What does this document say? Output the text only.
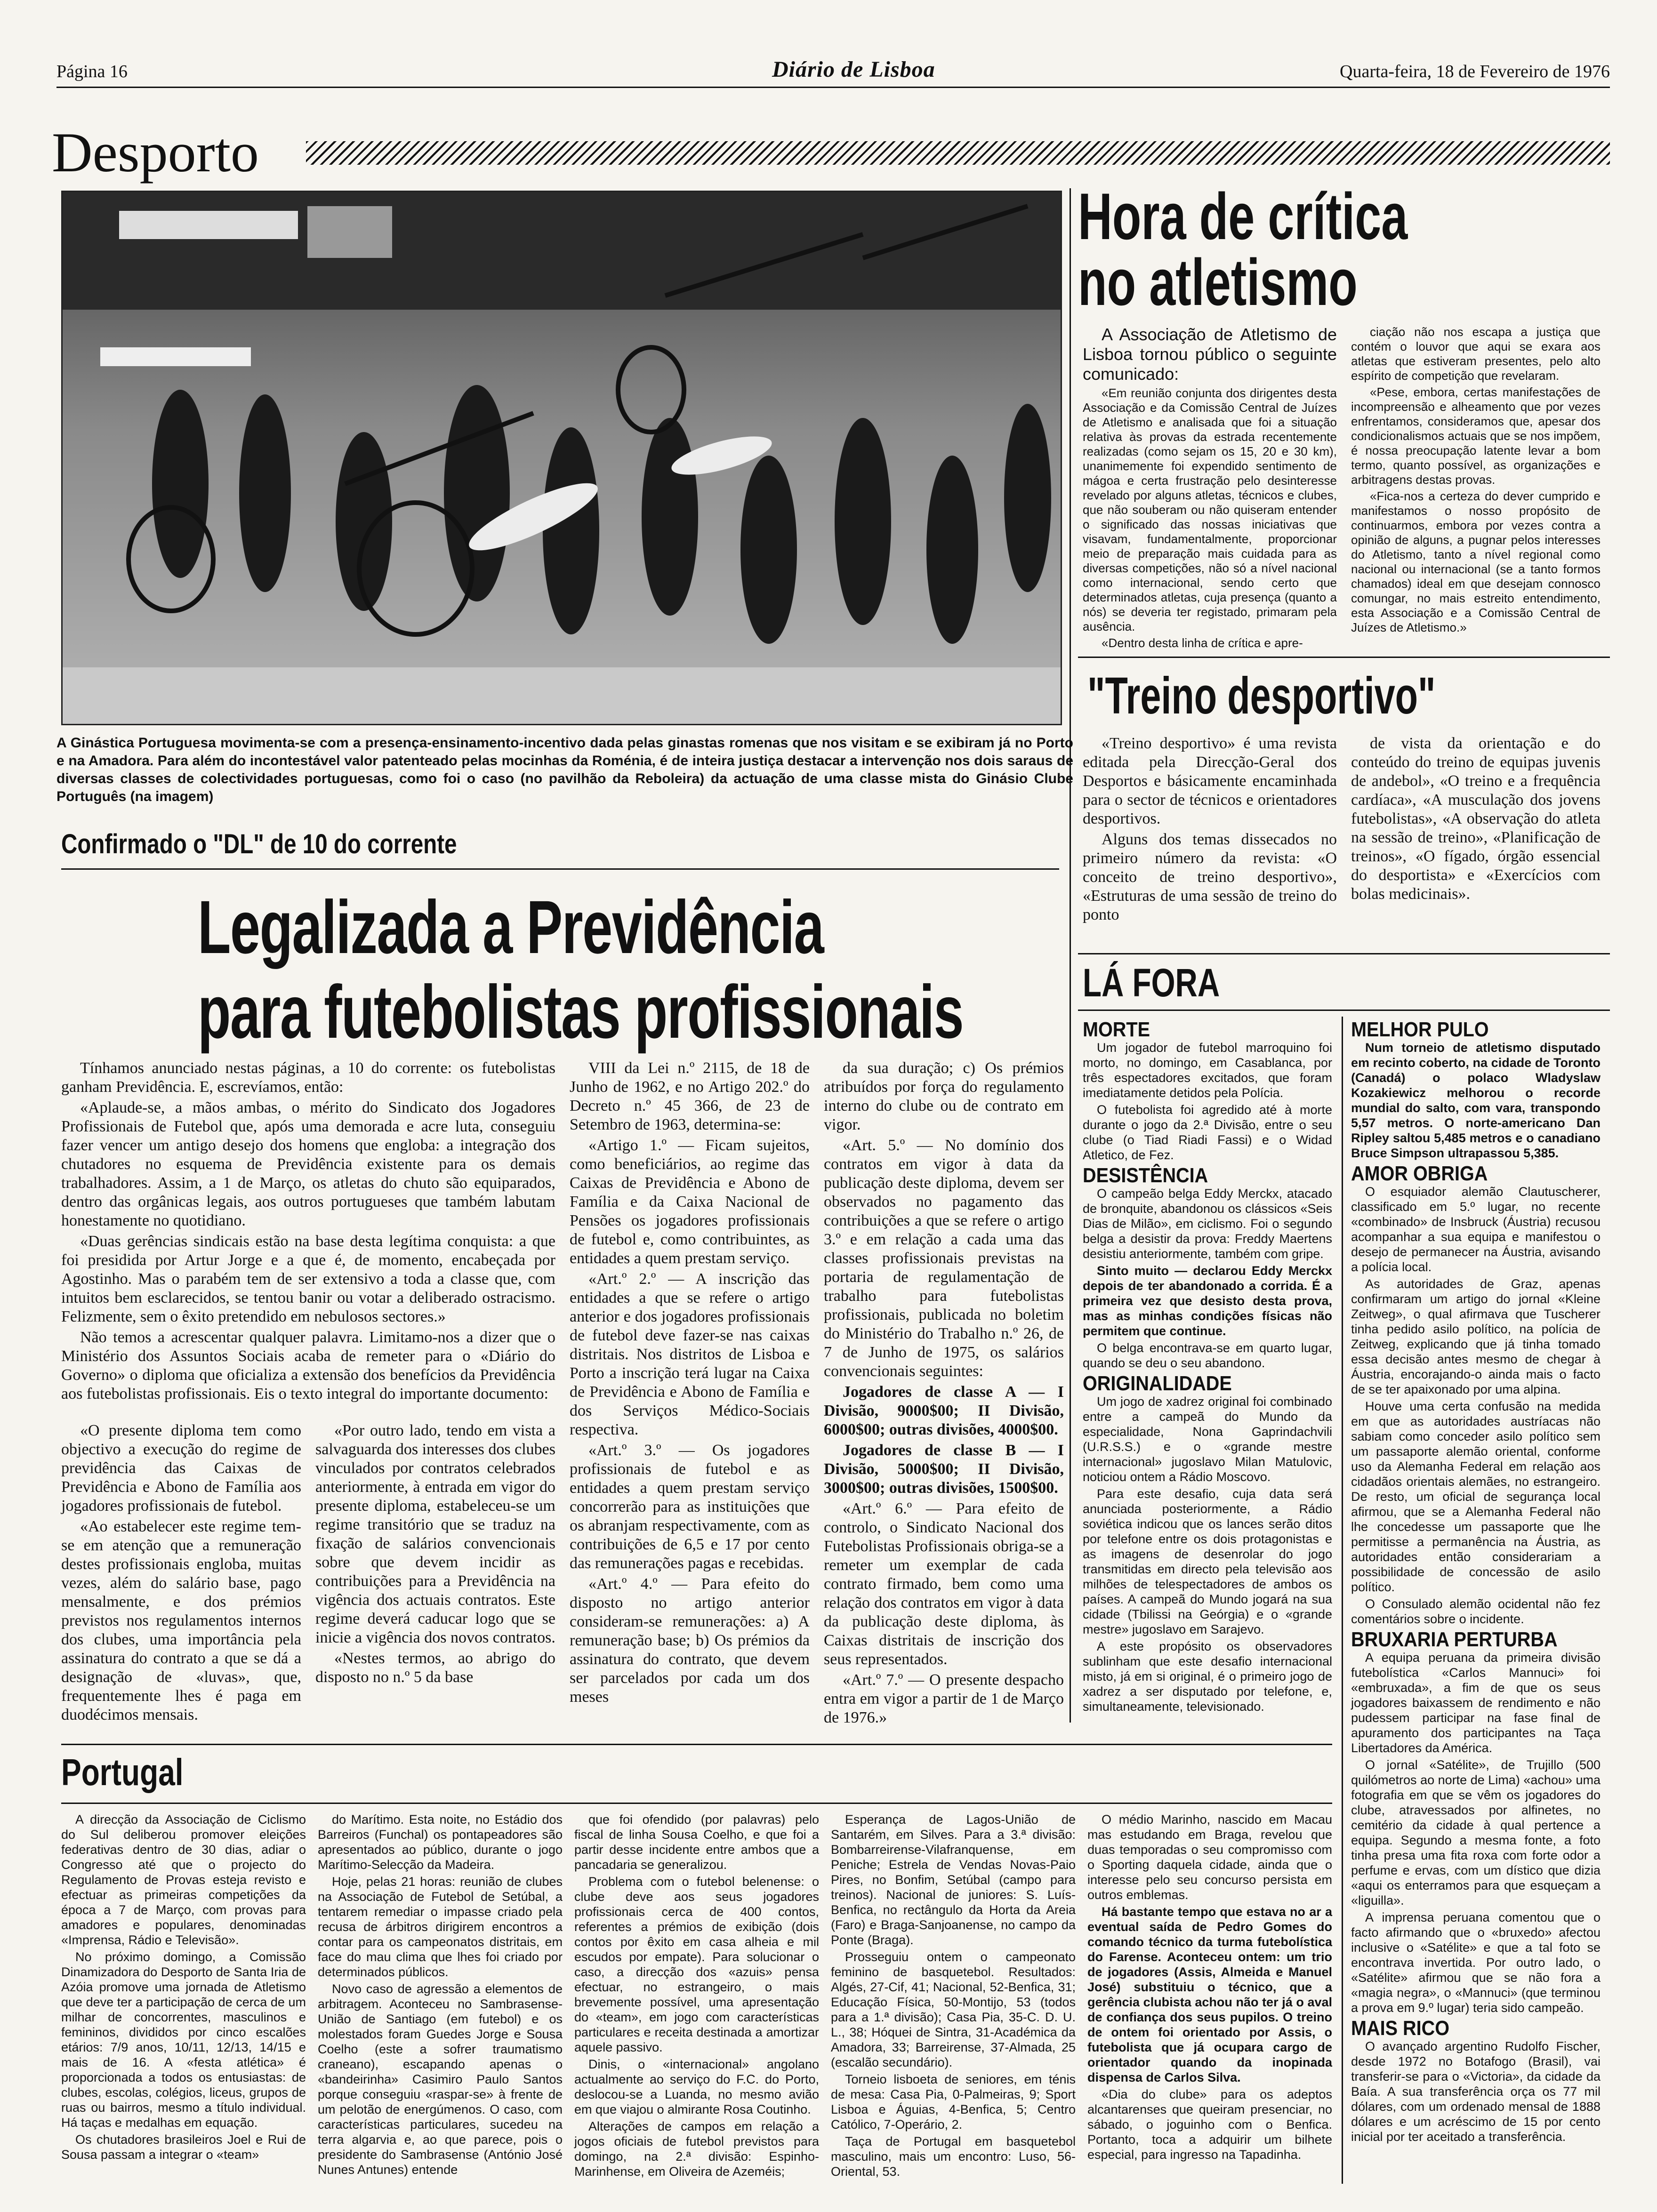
Página 16	Diário de Lisboa	Quarta-feira, 18 de Fevereiro de 1976
Desporto
A Ginástica Portuguesa movimenta-se com a presença-ensinamento-incentivo dada pelas ginastas romenas que nos visitam e se exibiram já no Porto e na Amadora. Para além do incontestável valor patenteado pelas mocinhas da Roménia, é de inteira justiça destacar a intervenção nos dois saraus de diversas classes de colectividades portuguesas, como foi o caso (no pavilhão da Reboleira) da actuação de uma classe mista do Ginásio Clube Português (na imagem)
Confirmado o "DL" de 10 do corrente
Legalizada a Previdência
para futebolistas profissionais

Tínhamos anunciado nestas páginas, a 10 do corrente: os futebolistas ganham Previdência. E, escrevíamos, então:

«Aplaude-se, a mãos ambas, o mérito do Sindicato dos Jogadores Profissionais de Futebol que, após uma demorada e acre luta, conseguiu fazer vencer um antigo desejo dos homens que engloba: a integração dos chutadores no esquema de Previdência existente para os demais trabalhadores. Assim, a 1 de Março, os atletas do chuto são equiparados, dentro das orgânicas legais, aos outros portugueses que também labutam honestamente no quotidiano.

«Duas gerências sindicais estão na base desta legítima conquista: a que foi presidida por Artur Jorge e a que é, de momento, encabeçada por Agostinho. Mas o parabém tem de ser extensivo a toda a classe que, com intuitos bem esclarecidos, se tentou banir ou votar a deliberado ostracismo. Felizmente, sem o êxito pretendido em nebulosos sectores.»

Não temos a acrescentar qualquer palavra. Limitamo-nos a dizer que o Ministério dos Assuntos Sociais acaba de remeter para o «Diário do Governo» o diploma que oficializa a extensão dos benefícios da Previdência aos futebolistas profissionais. Eis o texto integral do importante documento:

«O presente diploma tem como objectivo a execução do regime de previdência das Caixas de Previdência e Abono de Família aos jogadores profissionais de futebol.

«Ao estabelecer este regime tem-se em atenção que a remuneração destes profissionais engloba, muitas vezes, além do salário base, pago mensalmente, e dos prémios previstos nos regulamentos internos dos clubes, uma importância pela assinatura do contrato a que se dá a designação de «luvas», que, frequentemente lhes é paga em duodécimos mensais.

«Por outro lado, tendo em vista a salvaguarda dos interesses dos clubes vinculados por contratos celebrados anteriormente, à entrada em vigor do presente diploma, estabeleceu-se um regime transitório que se traduz na fixação de salários convencionais sobre que devem incidir as contribuições para a Previdência na vigência dos actuais contratos. Este regime deverá caducar logo que se inicie a vigência dos novos contratos.

«Nestes termos, ao abrigo do disposto no n.º 5 da base

VIII da Lei n.º 2115, de 18 de Junho de 1962, e no Artigo 202.º do Decreto n.º 45 366, de 23 de Setembro de 1963, determina-se:

«Artigo 1.º — Ficam sujeitos, como beneficiários, ao regime das Caixas de Previdência e Abono de Família e da Caixa Nacional de Pensões os jogadores profissionais de futebol e, como contribuintes, as entidades a quem prestam serviço.

«Art.º 2.º — A inscrição das entidades a que se refere o artigo anterior e dos jogadores profissionais de futebol deve fazer-se nas caixas distritais. Nos distritos de Lisboa e Porto a inscrição terá lugar na Caixa de Previdência e Abono de Família e dos Serviços Médico-Sociais respectiva.

«Art.º 3.º — Os jogadores profissionais de futebol e as entidades a quem prestam serviço concorrerão para as instituições que os abranjam respectivamente, com as contribuições de 6,5 e 17 por cento das remunerações pagas e recebidas.

«Art.º 4.º — Para efeito do disposto no artigo anterior consideram-se remunerações: a) A remuneração base; b) Os prémios da assinatura do contrato, que devem ser parcelados por cada um dos meses

da sua duração; c) Os prémios atribuídos por força do regulamento interno do clube ou de contrato em vigor.

«Art. 5.º — No domínio dos contratos em vigor à data da publicação deste diploma, devem ser observados no pagamento das contribuições a que se refere o artigo 3.º e em relação a cada uma das classes profissionais previstas na portaria de regulamentação de trabalho para futebolistas profissionais, publicada no boletim do Ministério do Trabalho n.º 26, de 7 de Junho de 1975, os salários convencionais seguintes:

Jogadores de classe A — I Divisão, 9000$00; II Divisão, 6000$00; outras divisões, 4000$00.

Jogadores de classe B — I Divisão, 5000$00; II Divisão, 3000$00; outras divisões, 1500$00.

«Art.º 6.º — Para efeito de controlo, o Sindicato Nacional dos Futebolistas Profissionais obriga-se a remeter um exemplar de cada contrato firmado, bem como uma relação dos contratos em vigor à data da publicação deste diploma, às Caixas distritais de inscrição dos seus representados.

«Art.º 7.º — O presente despacho entra em vigor a partir de 1 de Março de 1976.»

Hora de crítica
no atletismo

A Associação de Atletismo de Lisboa tornou público o seguinte comunicado:

«Em reunião conjunta dos dirigentes desta Associação e da Comissão Central de Juízes de Atletismo e analisada que foi a situação relativa às provas da estrada recentemente realizadas (como sejam os 15, 20 e 30 km), unanimemente foi expendido sentimento de mágoa e certa frustração pelo desinteresse revelado por alguns atletas, técnicos e clubes, que não souberam ou não quiseram entender o significado das nossas iniciativas que visavam, fundamentalmente, proporcionar meio de preparação mais cuidada para as diversas competições, não só a nível nacional como internacional, sendo certo que determinados atletas, cuja presença (quanto a nós) se deveria ter registado, primaram pela ausência.

«Dentro desta linha de crítica e apre-

ciação não nos escapa a justiça que contém o louvor que aqui se exara aos atletas que estiveram presentes, pelo alto espírito de competição que revelaram.

«Pese, embora, certas manifestações de incompreensão e alheamento que por vezes enfrentamos, consideramos que, apesar dos condicionalismos actuais que se nos impõem, é nossa preocupação latente levar a bom termo, quanto possível, as organizações e arbitragens destas provas.

«Fica-nos a certeza do dever cumprido e manifestamos o nosso propósito de continuarmos, embora por vezes contra a opinião de alguns, a pugnar pelos interesses do Atletismo, tanto a nível regional como nacional ou internacional (se a tanto formos chamados) ideal em que desejam connosco comungar, no mais estreito entendimento, esta Associação e a Comissão Central de Juízes de Atletismo.»

"Treino desportivo"

«Treino desportivo» é uma revista editada pela Direcção-Geral dos Desportos e básicamente encaminhada para o sector de técnicos e orientadores desportivos.

Alguns dos temas dissecados no primeiro número da revista: «O conceito de treino desportivo», «Estruturas de uma sessão de treino do ponto

de vista da orientação e do conteúdo do treino de equipas juvenis de andebol», «O treino e a frequência cardíaca», «A musculação dos jovens futebolistas», «A observação do atleta na sessão de treino», «Planificação de treinos», «O fígado, órgão essencial do desportista» e «Exercícios com bolas medicinais».

LÁ FORA
MORTE

Um jogador de futebol marroquino foi morto, no domingo, em Casablanca, por três espectadores excitados, que foram imediatamente detidos pela Polícia.

O futebolista foi agredido até à morte durante o jogo da 2.ª Divisão, entre o seu clube (o Tiad Riadi Fassi) e o Widad Atletico, de Fez.

DESISTÊNCIA

O campeão belga Eddy Merckx, atacado de bronquite, abandonou os clássicos «Seis Dias de Milão», em ciclismo. Foi o segundo belga a desistir da prova: Freddy Maertens desistiu anteriormente, também com gripe.

Sinto muito — declarou Eddy Merckx depois de ter abandonado a corrida. É a primeira vez que desisto desta prova, mas as minhas condições físicas não permitem que continue.

O belga encontrava-se em quarto lugar, quando se deu o seu abandono.

ORIGINALIDADE

Um jogo de xadrez original foi combinado entre a campeã do Mundo da especialidade, Nona Gaprindachvili (U.R.S.S.) e o «grande mestre internacional» jugoslavo Milan Matulovic, noticiou ontem a Rádio Moscovo.

Para este desafio, cuja data será anunciada posteriormente, a Rádio soviética indicou que os lances serão ditos por telefone entre os dois protagonistas e as imagens de desenrolar do jogo transmitidas em directo pela televisão aos milhões de telespectadores de ambos os países. A campeã do Mundo jogará na sua cidade (Tbilissi na Geórgia) e o «grande mestre» jugoslavo em Sarajevo.

A este propósito os observadores sublinham que este desafio internacional misto, já em si original, é o primeiro jogo de xadrez a ser disputado por telefone, e, simultaneamente, televisionado.

MELHOR PULO

Num torneio de atletismo disputado em recinto coberto, na cidade de Toronto (Canadá) o polaco Wladyslaw Kozakiewicz melhorou o recorde mundial do salto, com vara, transpondo 5,57 metros. O norte-americano Dan Ripley saltou 5,485 metros e o canadiano Bruce Simpson ultrapassou 5,385.

AMOR OBRIGA

O esquiador alemão Clautuscherer, classificado em 5.º lugar, no recente «combinado» de Insbruck (Áustria) recusou acompanhar a sua equipa e manifestou o desejo de permanecer na Áustria, avisando a polícia local.

As autoridades de Graz, apenas confirmaram um artigo do jornal «Kleine Zeitweg», o qual afirmava que Tuscherer tinha pedido asilo político, na polícia de Zeitweg, explicando que já tinha tomado essa decisão antes mesmo de chegar à Áustria, encorajando-o ainda mais o facto de se ter apaixonado por uma alpina.

Houve uma certa confusão na medida em que as autoridades austríacas não sabiam como conceder asilo político sem um passaporte alemão oriental, conforme uso da Alemanha Federal em relação aos cidadãos orientais alemães, no estrangeiro. De resto, um oficial de segurança local afirmou, que se a Alemanha Federal não lhe concedesse um passaporte que lhe permitisse a permanência na Áustria, as autoridades então considerariam a possibilidade de concessão de asilo político.

O Consulado alemão ocidental não fez comentários sobre o incidente.

BRUXARIA PERTURBA

A equipa peruana da primeira divisão futebolística «Carlos Mannuci» foi «embruxada», a fim de que os seus jogadores baixassem de rendimento e não pudessem participar na fase final de apuramento dos participantes na Taça Libertadores da América.

O jornal «Satélite», de Trujillo (500 quilómetros ao norte de Lima) «achou» uma fotografia em que se vêm os jogadores do clube, atravessados por alfinetes, no cemitério da cidade à qual pertence a equipa. Segundo a mesma fonte, a foto tinha presa uma fita roxa com forte odor a perfume e ervas, com um dístico que dizia «aqui os enterramos para que esqueçam a «liguilla».

A imprensa peruana comentou que o facto afirmando que o «bruxedo» afectou inclusive o «Satélite» e que a tal foto se encontrava invertida. Por outro lado, o «Satélite» afirmou que se não fora a «magia negra», o «Mannuci» (que terminou a prova em 9.º lugar) teria sido campeão.

MAIS RICO

O avançado argentino Rudolfo Fischer, desde 1972 no Botafogo (Brasil), vai transferir-se para o «Victoria», da cidade da Baía. A sua transferência orça os 77 mil dólares, com um ordenado mensal de 1888 dólares e um acréscimo de 15 por cento inicial por ter aceitado a transferência.

Portugal

A direcção da Associação de Ciclismo do Sul deliberou promover eleições federativas dentro de 30 dias, adiar o Congresso até que o projecto do Regulamento de Provas esteja revisto e efectuar as primeiras competições da época a 7 de Março, com provas para amadores e populares, denominadas «Imprensa, Rádio e Televisão».

No próximo domingo, a Comissão Dinamizadora do Desporto de Santa Iria de Azóia promove uma jornada de Atletismo que deve ter a participação de cerca de um milhar de concorrentes, masculinos e femininos, divididos por cinco escalões etários: 7/9 anos, 10/11, 12/13, 14/15 e mais de 16. A «festa atlética» é proporcionada a todos os entusiastas: de clubes, escolas, colégios, liceus, grupos de ruas ou bairros, mesmo a título individual. Há taças e medalhas em equação.

Os chutadores brasileiros Joel e Rui de Sousa passam a integrar o «team»

do Marítimo. Esta noite, no Estádio dos Barreiros (Funchal) os pontapeadores são apresentados ao público, durante o jogo Marítimo-Selecção da Madeira.

Hoje, pelas 21 horas: reunião de clubes na Associação de Futebol de Setúbal, a tentarem remediar o impasse criado pela recusa de árbitros dirigirem encontros a contar para os campeonatos distritais, em face do mau clima que lhes foi criado por determinados públicos.

Novo caso de agressão a elementos de arbitragem. Aconteceu no Sambrasense-União de Santiago (em futebol) e os molestados foram Guedes Jorge e Sousa Coelho (este a sofrer traumatismo craneano), escapando apenas o «bandeirinha» Casimiro Paulo Santos porque conseguiu «raspar-se» à frente de um pelotão de energúmenos. O caso, com características particulares, sucedeu na terra algarvia e, ao que parece, pois o presidente do Sambrasense (António José Nunes Antunes) entende

que foi ofendido (por palavras) pelo fiscal de linha Sousa Coelho, e que foi a partir desse incidente entre ambos que a pancadaria se generalizou.

Problema com o futebol belenense: o clube deve aos seus jogadores profissionais cerca de 400 contos, referentes a prémios de exibição (dois contos por êxito em casa alheia e mil escudos por empate). Para solucionar o caso, a direcção dos «azuis» pensa efectuar, no estrangeiro, o mais brevemente possível, uma apresentação do «team», em jogo com características particulares e receita destinada a amortizar aquele passivo.

Dinis, o «internacional» angolano actualmente ao serviço do F.C. do Porto, deslocou-se a Luanda, no mesmo avião em que viajou o almirante Rosa Coutinho.

Alterações de campos em relação a jogos oficiais de futebol previstos para domingo, na 2.ª divisão: Espinho-Marinhense, em Oliveira de Azeméis;

Esperança de Lagos-União de Santarém, em Silves. Para a 3.ª divisão: Bombarreirense-Vilafranquense, em Peniche; Estrela de Vendas Novas-Paio Pires, no Bonfim, Setúbal (campo para treinos). Nacional de juniores: S. Luís-Benfica, no rectângulo da Horta da Areia (Faro) e Braga-Sanjoanense, no campo da Ponte (Braga).

Prosseguiu ontem o campeonato feminino de basquetebol. Resultados: Algés, 27-Cif, 41; Nacional, 52-Benfica, 31; Educação Física, 50-Montijo, 53 (todos para a 1.ª divisão); Casa Pia, 35-C. D. U. L., 38; Hóquei de Sintra, 31-Académica da Amadora, 33; Barreirense, 37-Almada, 25 (escalão secundário).

Torneio lisboeta de seniores, em ténis de mesa: Casa Pia, 0-Palmeiras, 9; Sport Lisboa e Águias, 4-Benfica, 5; Centro Católico, 7-Operário, 2.

Taça de Portugal em basquetebol masculino, mais um encontro: Luso, 56-Oriental, 53.

O médio Marinho, nascido em Macau mas estudando em Braga, revelou que duas temporadas o seu compromisso com o Sporting daquela cidade, ainda que o interesse pelo seu concurso persista em outros emblemas.

Há bastante tempo que estava no ar a eventual saída de Pedro Gomes do comando técnico da turma futebolística do Farense. Aconteceu ontem: um trio de jogadores (Assis, Almeida e Manuel José) substituiu o técnico, que a gerência clubista achou não ter já o aval de confiança dos seus pupilos. O treino de ontem foi orientado por Assis, o futebolista que já ocupara cargo de orientador quando da inopinada dispensa de Carlos Silva.

«Dia do clube» para os adeptos alcantarenses que queiram presenciar, no sábado, o joguinho com o Benfica. Portanto, toca a adquirir um bilhete especial, para ingresso na Tapadinha.
